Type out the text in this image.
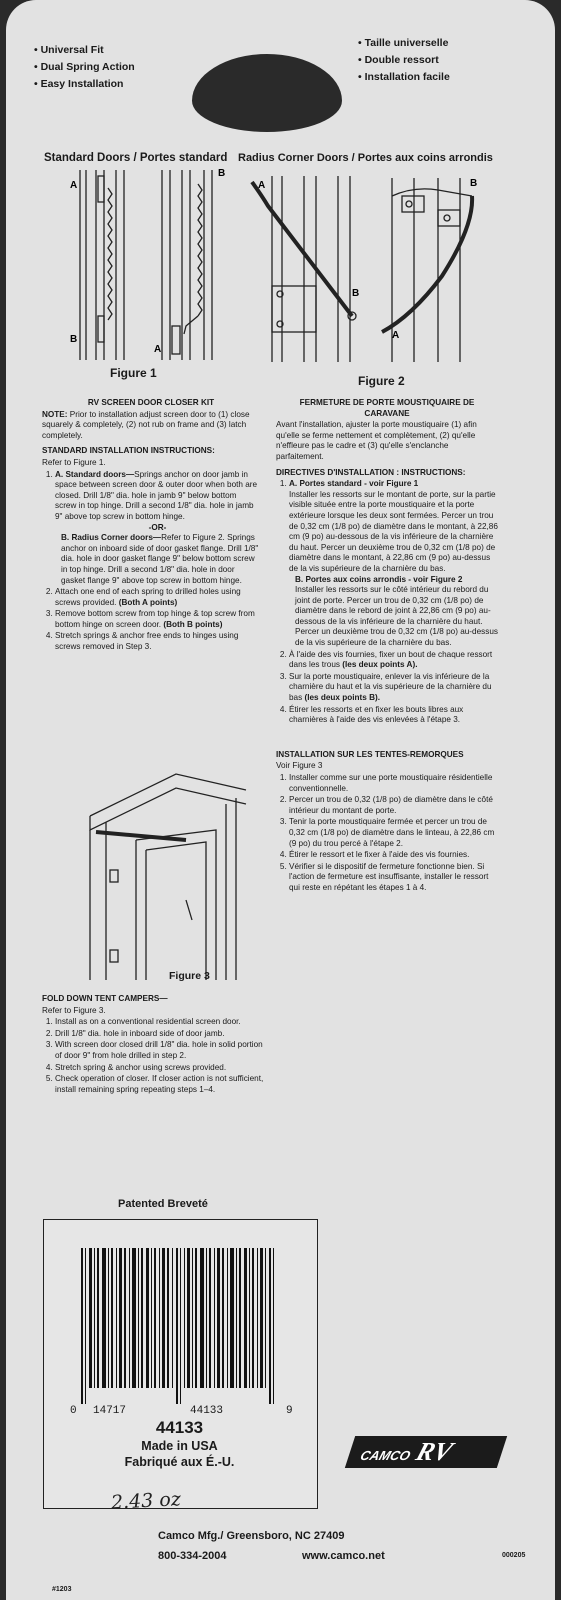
• Universal Fit
• Dual Spring Action
• Easy Installation
• Taille universelle
• Double ressort
• Installation facile
Standard Doors / Portes standard Radius Corner Doors / Portes aux coins arrondis
A
B
B
A
Figure 1
A
B
B
A
Figure 2

RV SCREEN DOOR CLOSER KIT

NOTE: Prior to installation adjust screen door to (1) close squarely & completely, (2) not rub on frame and (3) latch completely.

STANDARD INSTALLATION INSTRUCTIONS:

Refer to Figure 1.

1. A. Standard doors—Springs anchor on door jamb in space between screen door & outer door when both are closed. Drill 1/8" dia. hole in jamb 9" below bottom screw in top hinge. Drill a second 1/8" dia. hole in jamb 9" above top screw in bottom hinge.
-OR-
B. Radius Corner doors—Refer to Figure 2. Springs anchor on inboard side of door gasket flange. Drill 1/8" dia. hole in door gasket flange 9" below bottom screw in top hinge. Drill a second 1/8" dia. hole in door gasket flange 9" above top screw in bottom hinge.
2. Attach one end of each spring to drilled holes using screws provided. (Both A points)
3. Remove bottom screw from top hinge & top screw from bottom hinge on screen door. (Both B points)
4. Stretch springs & anchor free ends to hinges using screws removed in Step 3.

FERMETURE DE PORTE MOUSTIQUAIRE DE CARAVANE

Avant l'installation, ajuster la porte moustiquaire (1) afin qu'elle se ferme nettement et complètement, (2) qu'elle n'effleure pas le cadre et (3) qu'elle s'enclanche parfaitement.

DIRECTIVES D'INSTALLATION : INSTRUCTIONS:

1. A. Portes standard - voir Figure 1
Installer les ressorts sur le montant de porte, sur la partie visible située entre la porte moustiquaire et la porte extérieure lorsque les deux sont fermées. Percer un trou de 0,32 cm (1/8 po) de diamètre dans le montant, à 22,86 cm (9 po) au-dessous de la vis inférieure de la charnière du haut. Percer un deuxième trou de 0,32 cm (1/8 po) de diamètre dans le montant, à 22,86 cm (9 po) au-dessus de la vis supérieure de la charnière du bas.
B. Portes aux coins arrondis - voir Figure 2
Installer les ressorts sur le côté intérieur du rebord du joint de porte. Percer un trou de 0,32 cm (1/8 po) de diamètre dans le rebord de joint à 22,86 cm (9 po) au-dessous de la vis inférieure de la charnière du haut. Percer un deuxième trou de 0,32 cm (1/8 po) au-dessus de la vis supérieure de la charnière du bas.
2. À l'aide des vis fournies, fixer un bout de chaque ressort dans les trous (les deux points A).
3. Sur la porte moustiquaire, enlever la vis inférieure de la charnière du haut et la vis supérieure de la charnière du bas (les deux points B).
4. Étirer les ressorts et en fixer les bouts libres aux charnières à l'aide des vis enlevées à l'étape 3.

INSTALLATION SUR LES TENTES-REMORQUES

Voir Figure 3

1. Installer comme sur une porte moustiquaire résidentielle conventionnelle.
2. Percer un trou de 0,32 (1/8 po) de diamètre dans le côté intérieur du montant de porte.
3. Tenir la porte moustiquaire fermée et percer un trou de 0,32 cm (1/8 po) de diamètre dans le linteau, à 22,86 cm (9 po) du trou percé à l'étape 2.
4. Étirer le ressort et le fixer à l'aide des vis fournies.
5. Vérifier si le dispositif de fermeture fonctionne bien. Si l'action de fermeture est insuffisante, installer le ressort qui reste en répétant les étapes 1 à 4.
Figure 3

FOLD DOWN TENT CAMPERS—

Refer to Figure 3.

1. Install as on a conventional residential screen door.
2. Drill 1/8" dia. hole in inboard side of door jamb.
3. With screen door closed drill 1/8" dia. hole in solid portion of door 9" from hole drilled in step 2.
4. Stretch spring & anchor using screws provided.
5. Check operation of closer. If closer action is not sufficient, install remaining spring repeating steps 1–4.
Patented Breveté
0 14717	44133	9
44133
Made in USA
Fabriqué aux É.-U.	CAMCORV
2.43 oz
Camco Mfg./ Greensboro, NC 27409
800-334-2004	www.camco.net
#1203
000205
